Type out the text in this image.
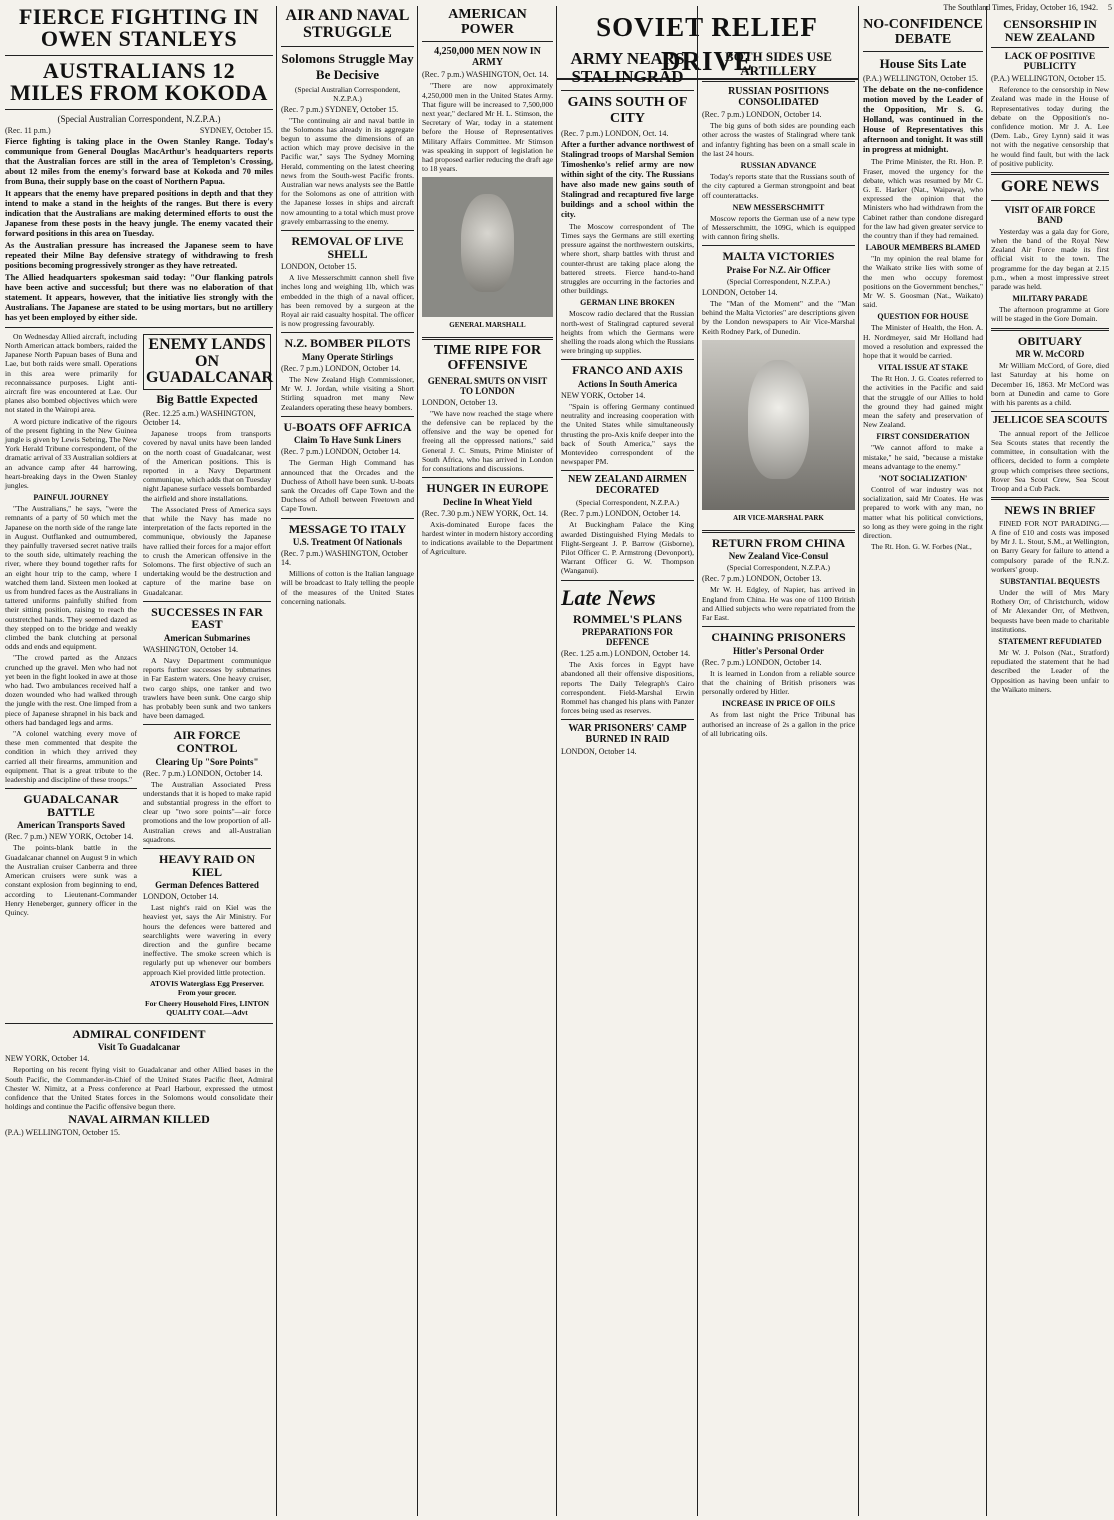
The Southland Times, Friday, October 16, 1942. 5
SOVIET RELIEF DRIVE
FIERCE FIGHTING IN OWEN STANLEYS
AUSTRALIANS 12 MILES FROM KOKODA

(Special Australian Correspondent, N.Z.P.A.)

(Rec. 11 p.m.)	SYDNEY, October 15.

Fierce fighting is taking place in the Owen Stanley Range. Today's communique from General Douglas MacArthur's headquarters reports that the Australian forces are still in the area of Templeton's Crossing, about 12 miles from the enemy's forward base at Kokoda and 70 miles from Buna, their supply base on the coast of Northern Papua.

It appears that the enemy have prepared positions in depth and that they intend to make a stand in the heights of the ranges. But there is every indication that the Australians are making determined efforts to oust the Japanese from these posts in the heavy jungle. The enemy vacated their forward positions in this area on Tuesday.

As the Australian pressure has increased the Japanese seem to have repeated their Milne Bay defensive strategy of withdrawing to fresh positions becoming progressively stronger as they have retreated.

The Allied headquarters spokesman said today: "Our flanking patrols have been active and successful; but there was no elaboration of that statement. It appears, however, that the initiative lies strongly with the Australians. The Japanese are stated to be using mortars, but no artillery has yet been employed by either side.

On Wednesday Allied aircraft, including North American attack bombers, raided the Japanese North Papuan bases of Buna and Lae, but both raids were small. Operations in this area were primarily for reconnaissance purposes. Light anti-aircraft fire was encountered at Lae. Our planes also bombed objectives which were not stated in the Wairopi area.

A word picture indicative of the rigours of the present fighting in the New Guinea jungle is given by Lewis Sebring, The New York Herald Tribune correspondent, of the dramatic arrival of 33 Australian soldiers at an advance camp after 44 harrowing, heart-breaking days in the Owen Stanley jungles.

PAINFUL JOURNEY

"The Australians," he says, "were the remnants of a party of 50 which met the Japanese on the north side of the range late in August. Outflanked and outnumbered, they painfully traversed secret native trails to the south side, ultimately reaching the river, where they bound together rafts for an eight hour trip to the camp, where I watched them land. Sixteen men looked at us from hundred faces as the Australians in tattered uniforms painfully shifted from their sitting position, raising to reach the outstretched hands. They seemed dazed as they stepped on to the bridge and weakly climbed the bank clutching at personal odds and ends and equipment.

"The crowd parted as the Anzacs crunched up the gravel. Men who had not yet been in the fight looked in awe at those who had. Two ambulances received half a dozen wounded who had walked through the jungle with the rest. One limped from a piece of Japanese shrapnel in his back and others had bandaged legs and arms.

"A colonel watching every move of these men commented that despite the condition in which they arrived they carried all their firearms, ammunition and equipment. That is a great tribute to the leadership and discipline of these troops."

GUADALCANAR BATTLE

American Transports Saved

(Rec. 7 p.m.) NEW YORK, October 14.

The points-blank battle in the Guadalcanar channel on August 9 in which the Australian cruiser Canberra and three American cruisers were sunk was a constant explosion from beginning to end, according to Lieutenant-Commander Henry Heneberger, gunnery officer in the Quincy.

ENEMY LANDS ON GUADALCANAR

Big Battle Expected

(Rec. 12.25 a.m.) WASHINGTON, October 14.

Japanese troops from transports covered by naval units have been landed on the north coast of Guadalcanar, west of the American positions. This is reported in a Navy Department communique, which adds that on Tuesday night Japanese surface vessels bombarded the airfield and shore installations.

The Associated Press of America says that while the Navy has made no interpretation of the facts reported in the communique, obviously the Japanese have rallied their forces for a major effort to crush the American offensive in the Solomons. The first objective of such an undertaking would be the destruction and capture of the marine base on Guadalcanar.

SUCCESSES IN FAR EAST

American Submarines

WASHINGTON, October 14.

A Navy Department communique reports further successes by submarines in Far Eastern waters. One heavy cruiser, two cargo ships, one tanker and two trawlers have been sunk. One cargo ship has probably been sunk and two tankers have been damaged.

AIR FORCE CONTROL

Clearing Up "Sore Points"

(Rec. 7 p.m.) LONDON, October 14.

The Australian Associated Press understands that it is hoped to make rapid and substantial progress in the effort to clear up "two sore points"—air force promotions and the low proportion of all-Australian crews and all-Australian squadrons.

HEAVY RAID ON KIEL

German Defences Battered

LONDON, October 14.

Last night's raid on Kiel was the heaviest yet, says the Air Ministry. For hours the defences were battered and searchlights were wavering in every direction and the gunfire became ineffective. The smoke screen which is regularly put up whenever our bombers approach Kiel provided little protection.

ATOVIS Waterglass Egg Preserver. From your grocer.

For Cheery Household Fires, LINTON QUALITY COAL—Advt

ADMIRAL CONFIDENT

Visit To Guadalcanar

NEW YORK, October 14.

Reporting on his recent flying visit to Guadalcanar and other Allied bases in the South Pacific, the Commander-in-Chief of the United States Pacific fleet, Admiral Chester W. Nimitz, at a Press conference at Pearl Harbour, expressed the utmost confidence that the United States forces in the Solomons would consolidate their holdings and continue the Pacific offensive begun there.

NAVAL AIRMAN KILLED

(P.A.) WELLINGTON, October 15.

AIR AND NAVAL STRUGGLE

Solomons Struggle May Be Decisive

(Special Australian Correspondent, N.Z.P.A.)

(Rec. 7 p.m.) SYDNEY, October 15.

"The continuing air and naval battle in the Solomons has already in its aggregate begun to assume the dimensions of an action which may prove decisive in the Pacific war," says The Sydney Morning Herald, commenting on the latest cheering news from the South-west Pacific fronts. Australian war news analysts see the Battle for the Solomons as one of attrition with the Japanese losses in ships and aircraft now amounting to a total which must prove gravely embarrassing to the enemy.

REMOVAL OF LIVE SHELL

LONDON, October 15.

A live Messerschmitt cannon shell five inches long and weighing 1lb, which was embedded in the thigh of a naval officer, has been removed by a surgeon at the Royal air raid casualty hospital. The officer is now progressing favourably.

N.Z. BOMBER PILOTS

Many Operate Stirlings

(Rec. 7 p.m.) LONDON, October 14.

The New Zealand High Commissioner, Mr W. J. Jordan, while visiting a Short Stirling squadron met many New Zealanders operating these heavy bombers.

U-BOATS OFF AFRICA

Claim To Have Sunk Liners

(Rec. 7 p.m.) LONDON, October 14.

The German High Command has announced that the Orcades and the Duchess of Atholl have been sunk. U-boats sank the Orcades off Cape Town and the Duchess of Atholl between Freetown and Cape Town.

MESSAGE TO ITALY

U.S. Treatment Of Nationals

(Rec. 7 p.m.) WASHINGTON, October 14.

Millions of cotton is the Italian language will be broadcast to Italy telling the people of the measures of the United States concerning nationals.

AMERICAN POWER

4,250,000 MEN NOW IN ARMY

(Rec. 7 p.m.) WASHINGTON, Oct. 14.

"There are now approximately 4,250,000 men in the United States Army. That figure will be increased to 7,500,000 next year," declared Mr H. L. Stimson, the Secretary of War, today in a statement before the House of Representatives Military Affairs Committee. Mr Stimson was speaking in support of legislation he had proposed earlier reducing the draft age to 18 years.

GENERAL MARSHALL
TIME RIPE FOR OFFENSIVE

GENERAL SMUTS ON VISIT TO LONDON

LONDON, October 13.

"We have now reached the stage where the defensive can be replaced by the offensive and the way be opened for freeing all the oppressed nations," said General J. C. Smuts, Prime Minister of South Africa, who has arrived in London for consultations and discussions.

HUNGER IN EUROPE

Decline In Wheat Yield

(Rec. 7.30 p.m.) NEW YORK, Oct. 14.

Axis-dominated Europe faces the hardest winter in modern history according to indications available to the Department of Agriculture.

ARMY NEARS STALINGRAD

GAINS SOUTH OF CITY

(Rec. 7 p.m.) LONDON, Oct. 14.

After a further advance northwest of Stalingrad troops of Marshal Semion Timoshenko's relief army are now within sight of the city. The Russians have also made new gains south of Stalingrad and recaptured five large buildings and a school within the city.

The Moscow correspondent of The Times says the Germans are still exerting pressure against the northwestern outskirts, where short, sharp battles with thrust and counter-thrust are taking place along the battered streets. Fierce hand-to-hand struggles are occurring in the factories and other buildings.

GERMAN LINE BROKEN

Moscow radio declared that the Russian north-west of Stalingrad captured several heights from which the Germans were shelling the roads along which the Russians were bringing up supplies.

FRANCO AND AXIS

Actions In South America

NEW YORK, October 14.

"Spain is offering Germany continued neutrality and increasing cooperation with the United States while simultaneously thrusting the pro-Axis knife deeper into the back of South America," says the Montevideo correspondent of the newspaper PM.

NEW ZEALAND AIRMEN DECORATED

(Special Correspondent, N.Z.P.A.)

(Rec. 7 p.m.) LONDON, October 14.

At Buckingham Palace the King awarded Distinguished Flying Medals to Flight-Sergeant J. P. Barrow (Gisborne), Pilot Officer C. P. Armstrong (Devonport), Warrant Officer G. W. Thompson (Wanganui).

Late News

ROMMEL'S PLANS

PREPARATIONS FOR DEFENCE

(Rec. 1.25 a.m.) LONDON, October 14.

The Axis forces in Egypt have abandoned all their offensive dispositions, reports The Daily Telegraph's Cairo correspondent. Field-Marshal Erwin Rommel has changed his plans with Panzer forces being used as reserves.

WAR PRISONERS' CAMP BURNED IN RAID

LONDON, October 14.

BOTH SIDES USE ARTILLERY

RUSSIAN POSITIONS CONSOLIDATED

(Rec. 7 p.m.) LONDON, October 14.

The big guns of both sides are pounding each other across the wastes of Stalingrad where tank and infantry fighting has been on a small scale in the last 24 hours.

RUSSIAN ADVANCE

Today's reports state that the Russians south of the city captured a German strongpoint and beat off counterattacks.

NEW MESSERSCHMITT

Moscow reports the German use of a new type of Messerschmitt, the 109G, which is equipped with cannon firing shells.

MALTA VICTORIES

Praise For N.Z. Air Officer

(Special Correspondent, N.Z.P.A.)

LONDON, October 14.

The "Man of the Moment" and the "Man behind the Malta Victories" are descriptions given by the London newspapers to Air Vice-Marshal Keith Rodney Park, of Dunedin.

AIR VICE-MARSHAL PARK
RETURN FROM CHINA

New Zealand Vice-Consul

(Special Correspondent, N.Z.P.A.)

(Rec. 7 p.m.) LONDON, October 13.

Mr W. H. Edgley, of Napier, has arrived in England from China. He was one of 1100 British and Allied subjects who were repatriated from the Far East.

CHAINING PRISONERS

Hitler's Personal Order

(Rec. 7 p.m.) LONDON, October 14.

It is learned in London from a reliable source that the chaining of British prisoners was personally ordered by Hitler.

INCREASE IN PRICE OF OILS

As from last night the Price Tribunal has authorised an increase of 2s a gallon in the price of all lubricating oils.

NO-CONFIDENCE DEBATE

House Sits Late

(P.A.) WELLINGTON, October 15.

The debate on the no-confidence motion moved by the Leader of the Opposition, Mr S. G. Holland, was continued in the House of Representatives this afternoon and tonight. It was still in progress at midnight.

The Prime Minister, the Rt. Hon. P. Fraser, moved the urgency for the debate, which was resumed by Mr C. G. E. Harker (Nat., Waipawa), who expressed the opinion that the Ministers who had withdrawn from the Cabinet rather than condone disregard for the law had given greater service to the country than if they had remained.

LABOUR MEMBERS BLAMED

"In my opinion the real blame for the Waikato strike lies with some of the men who occupy foremost positions on the Government benches," Mr W. S. Goosman (Nat., Waikato) said.

QUESTION FOR HOUSE

The Minister of Health, the Hon. A. H. Nordmeyer, said Mr Holland had moved a resolution and expressed the hope that it would be carried.

VITAL ISSUE AT STAKE

The Rt Hon. J. G. Coates referred to the activities in the Pacific and said that the struggle of our Allies to hold the ground they had gained might mean the safety and preservation of New Zealand.

FIRST CONSIDERATION

"We cannot afford to make a mistake," he said, "because a mistake means advantage to the enemy."

'NOT SOCIALIZATION'

Control of war industry was not socialization, said Mr Coates. He was prepared to work with any man, no matter what his political convictions, so long as they were going in the right direction.

The Rt. Hon. G. W. Forbes (Nat.,

CENSORSHIP IN NEW ZEALAND

LACK OF POSITIVE PUBLICITY

(P.A.) WELLINGTON, October 15.

Reference to the censorship in New Zealand was made in the House of Representatives today during the debate on the Opposition's no-confidence motion. Mr J. A. Lee (Dem. Lab., Grey Lynn) said it was not with the negative censorship that he would find fault, but with the lack of positive publicity.

GORE NEWS

VISIT OF AIR FORCE BAND

Yesterday was a gala day for Gore, when the band of the Royal New Zealand Air Force made its first official visit to the town. The programme for the day began at 2.15 p.m., when a most impressive street parade was held.

MILITARY PARADE

The afternoon programme at Gore will be staged in the Gore Domain.

OBITUARY

MR W. McCORD

Mr William McCord, of Gore, died last Saturday at his home on December 16, 1863. Mr McCord was born at Dunedin and came to Gore with his parents as a child.

JELLICOE SEA SCOUTS

The annual report of the Jellicoe Sea Scouts states that recently the committee, in consultation with the officers, decided to form a complete group which comprises three sections, Rover Sea Scout Crew, Sea Scout Troop and a Cub Pack.

NEWS IN BRIEF

FINED FOR NOT PARADING.—A fine of £10 and costs was imposed by Mr J. L. Stout, S.M., at Wellington, on Barry Geary for failure to attend a compulsory parade of the R.N.Z. workers' group.

SUBSTANTIAL BEQUESTS

Under the will of Mrs Mary Rothery Orr, of Christchurch, widow of Mr Alexander Orr, of Methven, bequests have been made to charitable institutions.

STATEMENT REFUDIATED

Mr W. J. Polson (Nat., Stratford) repudiated the statement that he had described the Leader of the Opposition as having been unfair to the Waikato miners.
